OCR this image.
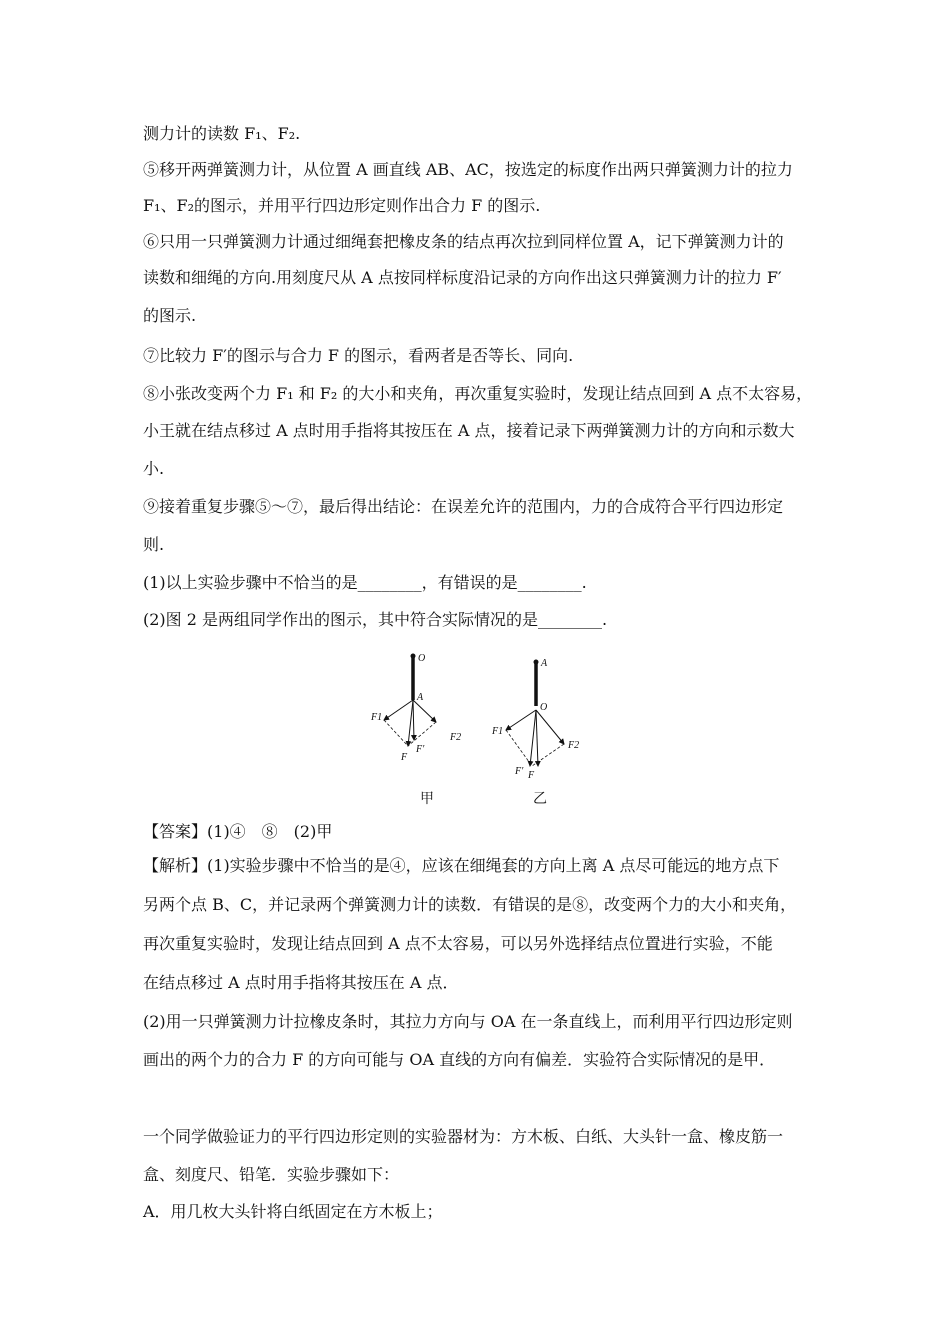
测力计的读数 F₁、F₂.
⑤移开两弹簧测力计，从位置 A 画直线 AB、AC，按选定的标度作出两只弹簧测力计的拉力
F₁、F₂的图示，并用平行四边形定则作出合力 F 的图示.
⑥只用一只弹簧测力计通过细绳套把橡皮条的结点再次拉到同样位置 A，记下弹簧测力计的
读数和细绳的方向.用刻度尺从 A 点按同样标度沿记录的方向作出这只弹簧测力计的拉力 F′
的图示.
⑦比较力 F′的图示与合力 F 的图示，看两者是否等长、同向.
⑧小张改变两个力 F₁ 和 F₂ 的大小和夹角，再次重复实验时，发现让结点回到 A 点不太容易，
小王就在结点移过 A 点时用手指将其按压在 A 点，接着记录下两弹簧测力计的方向和示数大
小.
⑨接着重复步骤⑤～⑦，最后得出结论：在误差允许的范围内，力的合成符合平行四边形定
则.
(1)以上实验步骤中不恰当的是________，有错误的是________.
(2)图 2 是两组同学作出的图示，其中符合实际情况的是________.
O
A
F1
F2
F
F′
A
O
F1
F2
F
F′
甲	乙
【答案】(1)④　⑧　(2)甲
【解析】(1)实验步骤中不恰当的是④，应该在细绳套的方向上离 A 点尽可能远的地方点下
另两个点 B、C，并记录两个弹簧测力计的读数．有错误的是⑧，改变两个力的大小和夹角，
再次重复实验时，发现让结点回到 A 点不太容易，可以另外选择结点位置进行实验，不能
在结点移过 A 点时用手指将其按压在 A 点．
(2)用一只弹簧测力计拉橡皮条时，其拉力方向与 OA 在一条直线上，而利用平行四边形定则
画出的两个力的合力 F 的方向可能与 OA 直线的方向有偏差．实验符合实际情况的是甲．
一个同学做验证力的平行四边形定则的实验器材为：方木板、白纸、大头针一盒、橡皮筋一
盒、刻度尺、铅笔．实验步骤如下：
A．用几枚大头针将白纸固定在方木板上；
